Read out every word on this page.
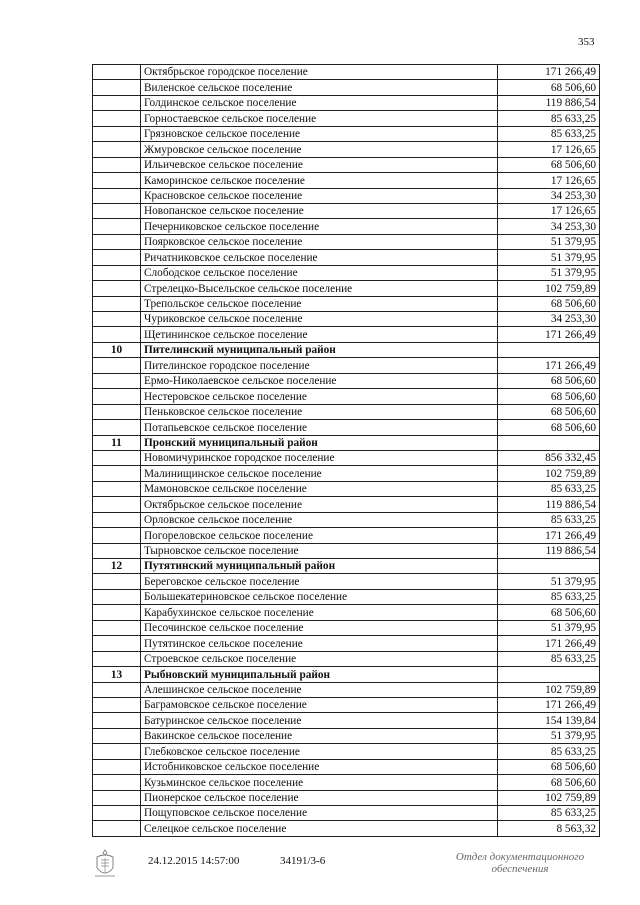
353
	Октябрьское городское поселение	171 266,49
	Виленское сельское поселение	68 506,60
	Голдинское сельское поселение	119 886,54
	Горностаевское сельское поселение	85 633,25
	Грязновское сельское поселение	85 633,25
	Жмуровское сельское поселение	17 126,65
	Ильичевское сельское поселение	68 506,60
	Каморинское сельское поселение	17 126,65
	Красновское сельское поселение	34 253,30
	Новопанское сельское поселение	17 126,65
	Печерниковское сельское поселение	34 253,30
	Поярковское сельское поселение	51 379,95
	Ричатниковское сельское поселение	51 379,95
	Слободское сельское поселение	51 379,95
	Стрелецко-Высельское сельское поселение	102 759,89
	Трепольское сельское поселение	68 506,60
	Чуриковское сельское поселение	34 253,30
	Щетининское сельское поселение	171 266,49
10	Пителинский муниципальный район	
	Пителинское городское поселение	171 266,49
	Ермо-Николаевское сельское поселение	68 506,60
	Нестеровское сельское поселение	68 506,60
	Пеньковское сельское поселение	68 506,60
	Потапьевское сельское поселение	68 506,60
11	Пронский муниципальный район	
	Новомичуринское городское поселение	856 332,45
	Малинищинское сельское поселение	102 759,89
	Мамоновское сельское поселение	85 633,25
	Октябрьское сельское поселение	119 886,54
	Орловское сельское поселение	85 633,25
	Погореловское сельское поселение	171 266,49
	Тырновское сельское поселение	119 886,54
12	Путятинский муниципальный район	
	Береговское сельское поселение	51 379,95
	Большекатериновское сельское поселение	85 633,25
	Карабухинское сельское поселение	68 506,60
	Песочинское сельское поселение	51 379,95
	Путятинское сельское поселение	171 266,49
	Строевское сельское поселение	85 633,25
13	Рыбновский муниципальный район	
	Алешинское сельское поселение	102 759,89
	Баграмовское сельское поселение	171 266,49
	Батуринское сельское поселение	154 139,84
	Вакинское сельское поселение	51 379,95
	Глебковское сельское поселение	85 633,25
	Истобниковское сельское поселение	68 506,60
	Кузьминское сельское поселение	68 506,60
	Пионерское сельское поселение	102 759,89
	Пощуповское сельское поселение	85 633,25
	Селецкое сельское поселение	8 563,32
24.12.2015 14:57:00	34191/3-6	Отдел документационного
обеспечения
